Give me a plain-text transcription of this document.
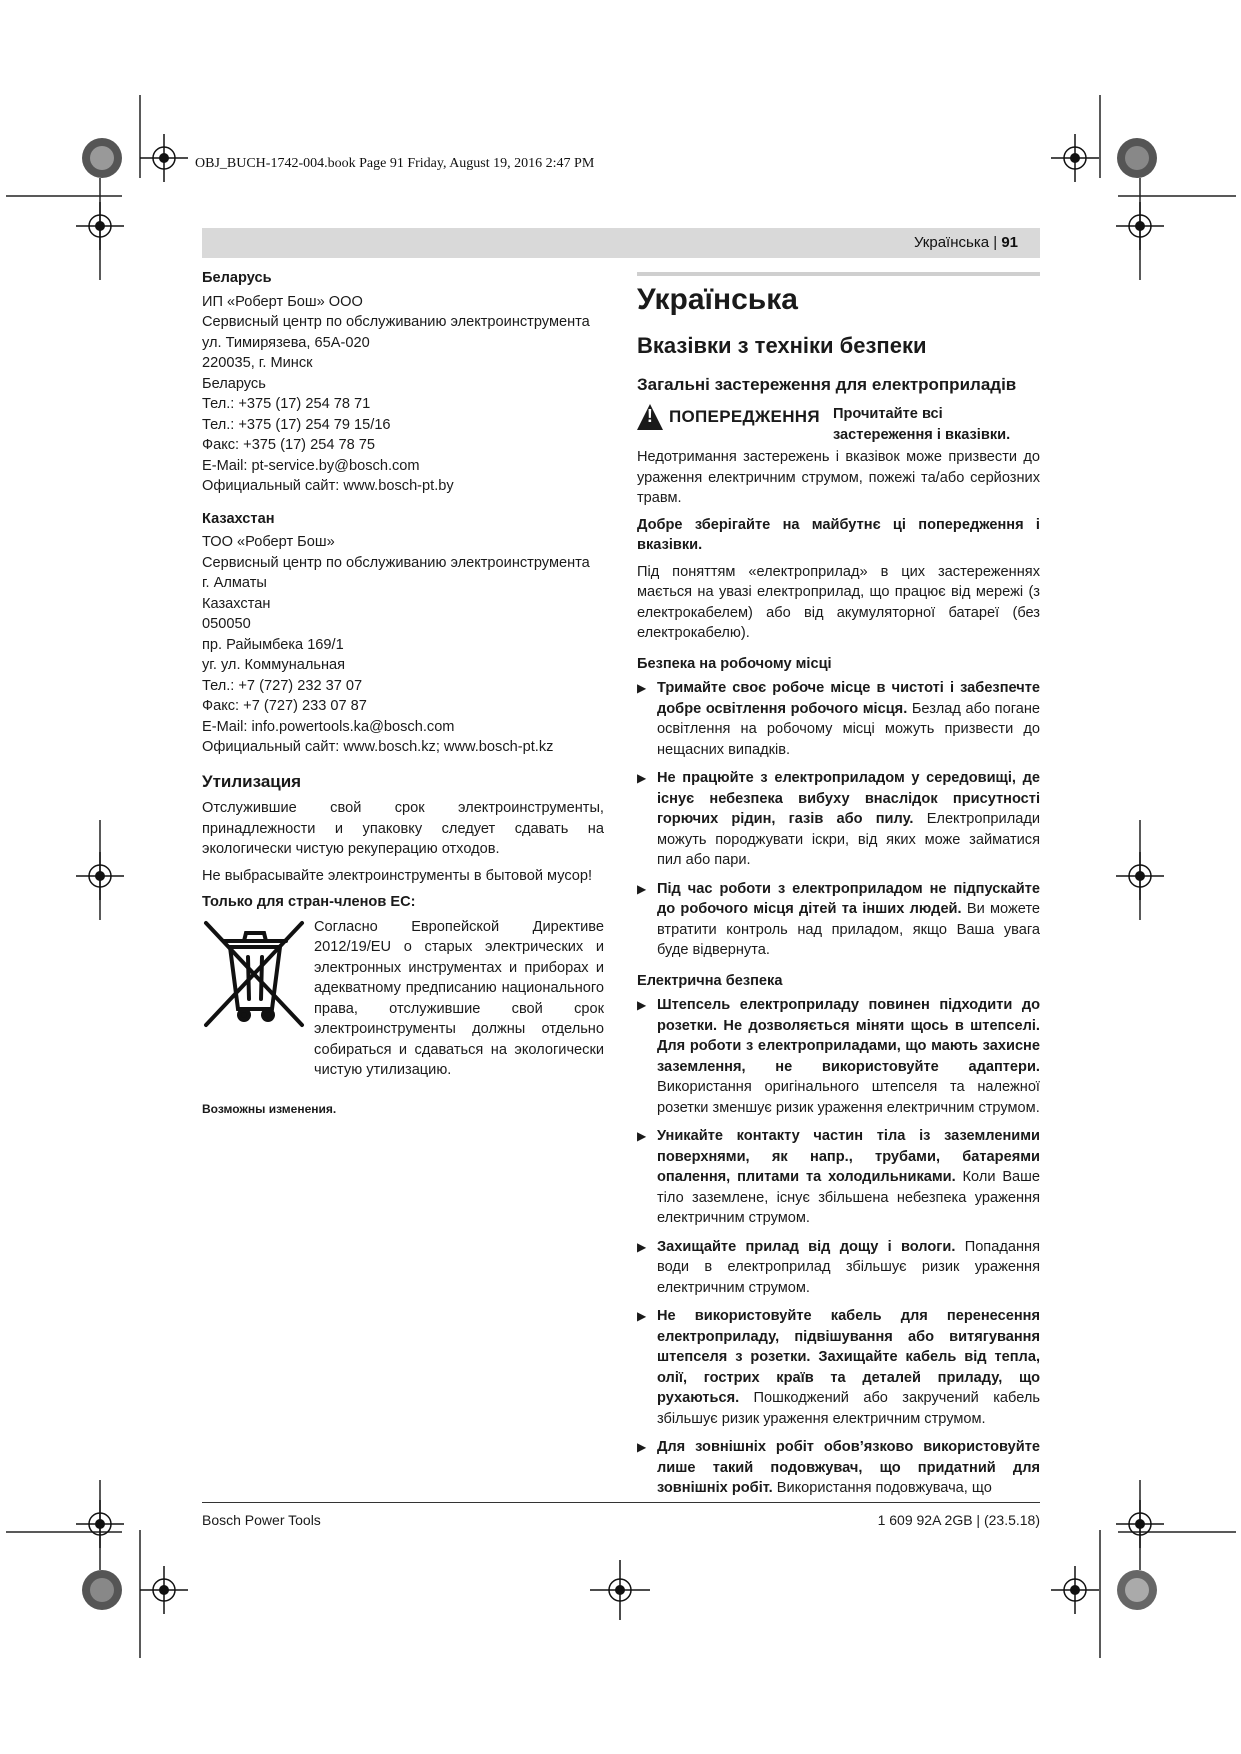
OBJ_BUCH-1742-004.book Page 91 Friday, August 19, 2016 2:47 PM
Українська | 91
Беларусь
ИП «Роберт Бош» ООО
Сервисный центр по обслуживанию электроинструмента
ул. Тимирязева, 65А-020
220035, г. Минск
Беларусь
Тел.: +375 (17) 254 78 71
Тел.: +375 (17) 254 79 15/16
Факс: +375 (17) 254 78 75
E-Mail: pt-service.by@bosch.com
Официальный сайт: www.bosch-pt.by
Казахстан
ТОО «Роберт Бош»
Сервисный центр по обслуживанию электроинструмента
г. Алматы
Казахстан
050050
пр. Райымбека 169/1
уг. ул. Коммунальная
Тел.: +7 (727) 232 37 07
Факс: +7 (727) 233 07 87
E-Mail: info.powertools.ka@bosch.com
Официальный сайт: www.bosch.kz; www.bosch-pt.kz
Утилизация
Отслужившие свой срок электроинструменты, принадлежности и упаковку следует сдавать на экологически чистую рекуперацию отходов.
Не выбрасывайте электроинструменты в бытовой мусор!
Только для стран-членов ЕС:
Согласно Европейской Директиве 2012/19/EU о старых электрических и электронных инструментах и приборах и адекватному предписанию национального права, отслужившие свой срок электроинструменты должны отдельно собираться и сдаваться на экологически чистую утилизацию.
Возможны изменения.
Українська
Вказівки з техніки безпеки
Загальні застереження для електроприладів
!
ПОПЕРЕДЖЕННЯ Прочитайте всі застереження і вказівки.
Недотримання застережень і вказівок може призвести до ураження електричним струмом, пожежі та/або серйозних травм.
Добре зберігайте на майбутнє ці попередження і вказівки.
Під поняттям «електроприлад» в цих застереженнях мається на увазі електроприлад, що працює від мережі (з електрокабелем) або від акумуляторної батареї (без електрокабелю).
Безпека на робочому місці
▶ Тримайте своє робоче місце в чистоті і забезпечте добре освітлення робочого місця. Безлад або погане освітлення на робочому місці можуть призвести до нещасних випадків.
▶ Не працюйте з електроприладом у середовищі, де існує небезпека вибуху внаслідок присутності горючих рідин, газів або пилу. Електроприлади можуть породжувати іскри, від яких може займатися пил або пари.
▶ Під час роботи з електроприладом не підпускайте до робочого місця дітей та інших людей. Ви можете втратити контроль над приладом, якщо Ваша увага буде відвернута.
Електрична безпека
▶ Штепсель електроприладу повинен підходити до розетки. Не дозволяється міняти щось в штепселі. Для роботи з електроприладами, що мають захисне заземлення, не використовуйте адаптери. Використання оригінального штепселя та належної розетки зменшує ризик ураження електричним струмом.
▶ Уникайте контакту частин тіла із заземленими поверхнями, як напр., трубами, батареями опалення, плитами та холодильниками. Коли Ваше тіло заземлене, існує збільшена небезпека ураження електричним струмом.
▶ Захищайте прилад від дощу і вологи. Попадання води в електроприлад збільшує ризик ураження електричним струмом.
▶ Не використовуйте кабель для перенесення електроприладу, підвішування або витягування штепселя з розетки. Захищайте кабель від тепла, олії, гострих країв та деталей приладу, що рухаються. Пошкоджений або закручений кабель збільшує ризик ураження електричним струмом.
▶ Для зовнішніх робіт обов’язково використовуйте лише такий подовжувач, що придатний для зовнішніх робіт. Використання подовжувача, що
Bosch Power Tools	1 609 92A 2GB | (23.5.18)
